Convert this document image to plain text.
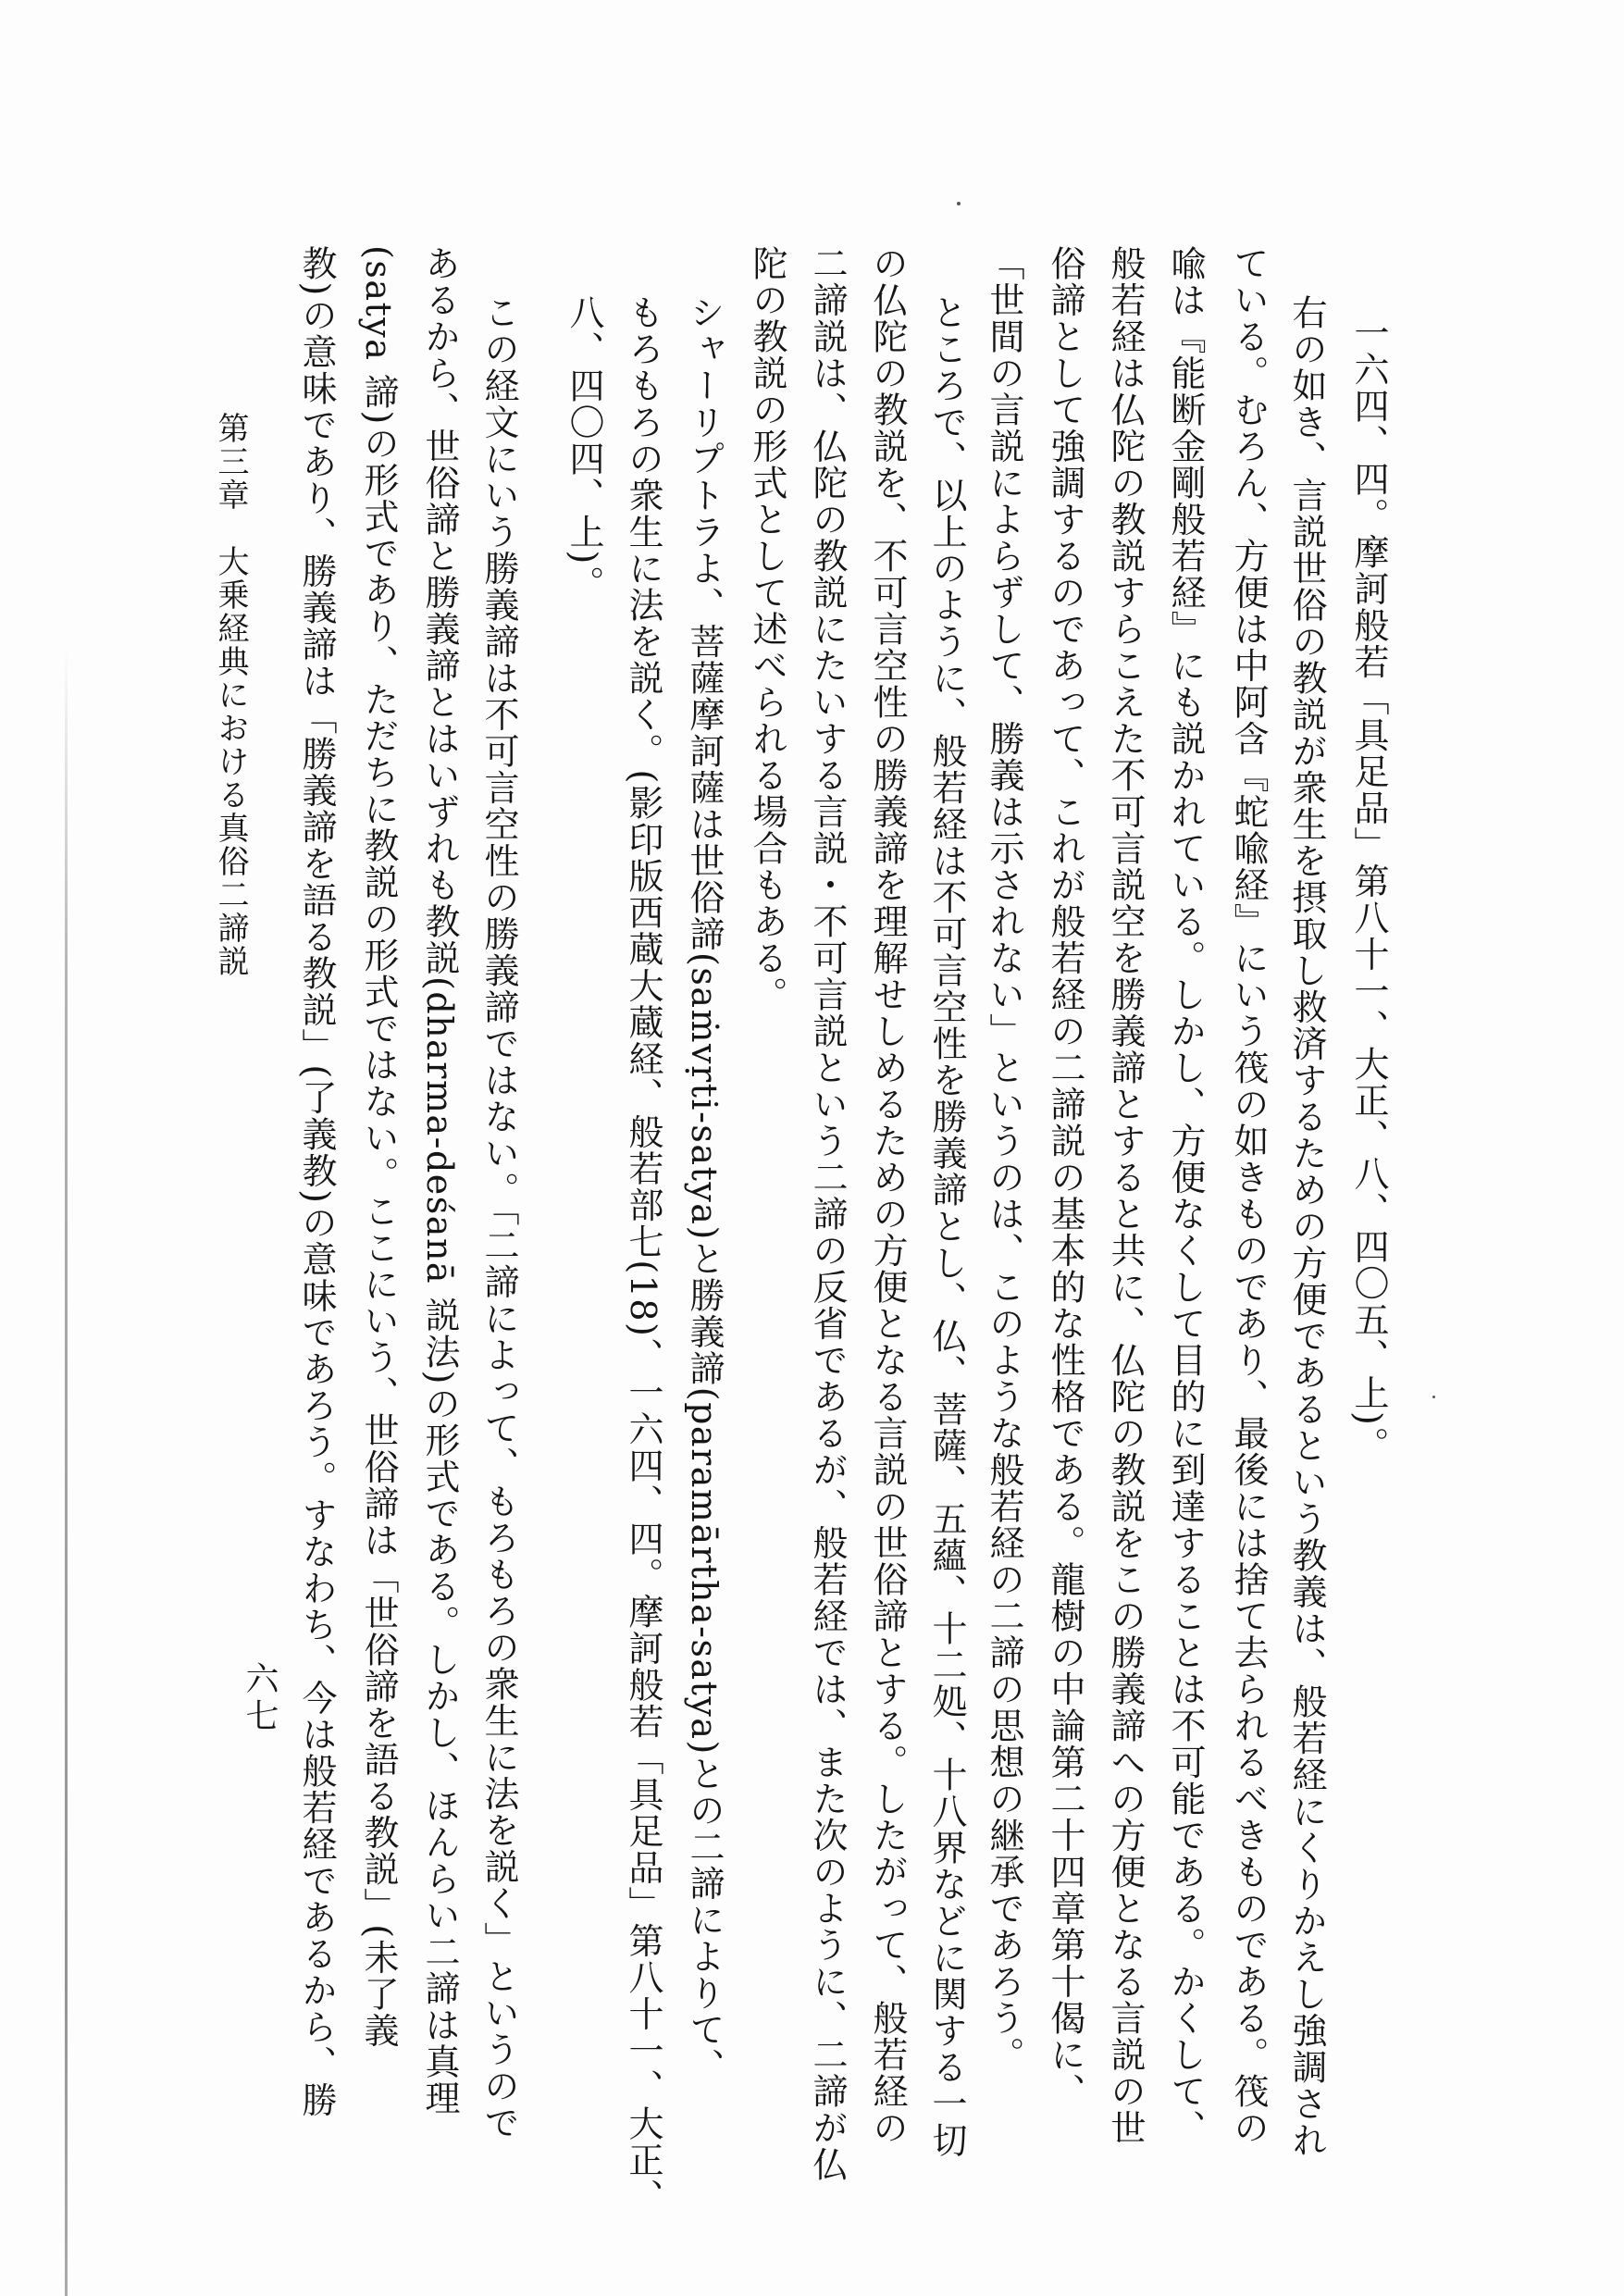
一六四、四。摩訶般若「具足品」第八十一、大正、八、四〇五、上)。
右の如き、言説世俗の教説が衆生を摂取し救済するための方便であるという教義は、般若経にくりかえし強調され
ている。むろん、方便は中阿含『蛇喩経』にいう筏の如きものであり、最後には捨て去られるべきものである。筏の
喩は『能断金剛般若経』にも説かれている。しかし、方便なくして目的に到達することは不可能である。かくして、
般若経は仏陀の教説すらこえた不可言説空を勝義諦とすると共に、仏陀の教説をこの勝義諦への方便となる言説の世
俗諦として強調するのであって、これが般若経の二諦説の基本的な性格である。龍樹の中論第二十四章第十偈に、
「世間の言説によらずして、勝義は示されない」というのは、このような般若経の二諦の思想の継承であろう。
ところで、以上のように、般若経は不可言空性を勝義諦とし、仏、菩薩、五蘊、十二処、十八界などに関する一切
の仏陀の教説を、不可言空性の勝義諦を理解せしめるための方便となる言説の世俗諦とする。したがって、般若経の
二諦説は、仏陀の教説にたいする言説・不可言説という二諦の反省であるが、般若経では、また次のように、二諦が仏
陀の教説の形式として述べられる場合もある。
シャーリプトラよ、菩薩摩訶薩は世俗諦(saṁvṛti-satya)と勝義諦(paramārtha-satya)との二諦によりて、
もろもろの衆生に法を説く。(影印版西蔵大蔵経、般若部七(18)、一六四、四。摩訶般若「具足品」第八十一、大正、
八、四〇四、上)。
この経文にいう勝義諦は不可言空性の勝義諦ではない。「二諦によって、もろもろの衆生に法を説く」というので
あるから、世俗諦と勝義諦とはいずれも教説(dharma-deśanā 説法)の形式である。しかし、ほんらい二諦は真理
(satya 諦)の形式であり、ただちに教説の形式ではない。ここにいう、世俗諦は「世俗諦を語る教説」(未了義
教)の意味であり、勝義諦は「勝義諦を語る教説」(了義教)の意味であろう。すなわち、今は般若経であるから、勝
第三章　大乗経典における真俗二諦説
六七
